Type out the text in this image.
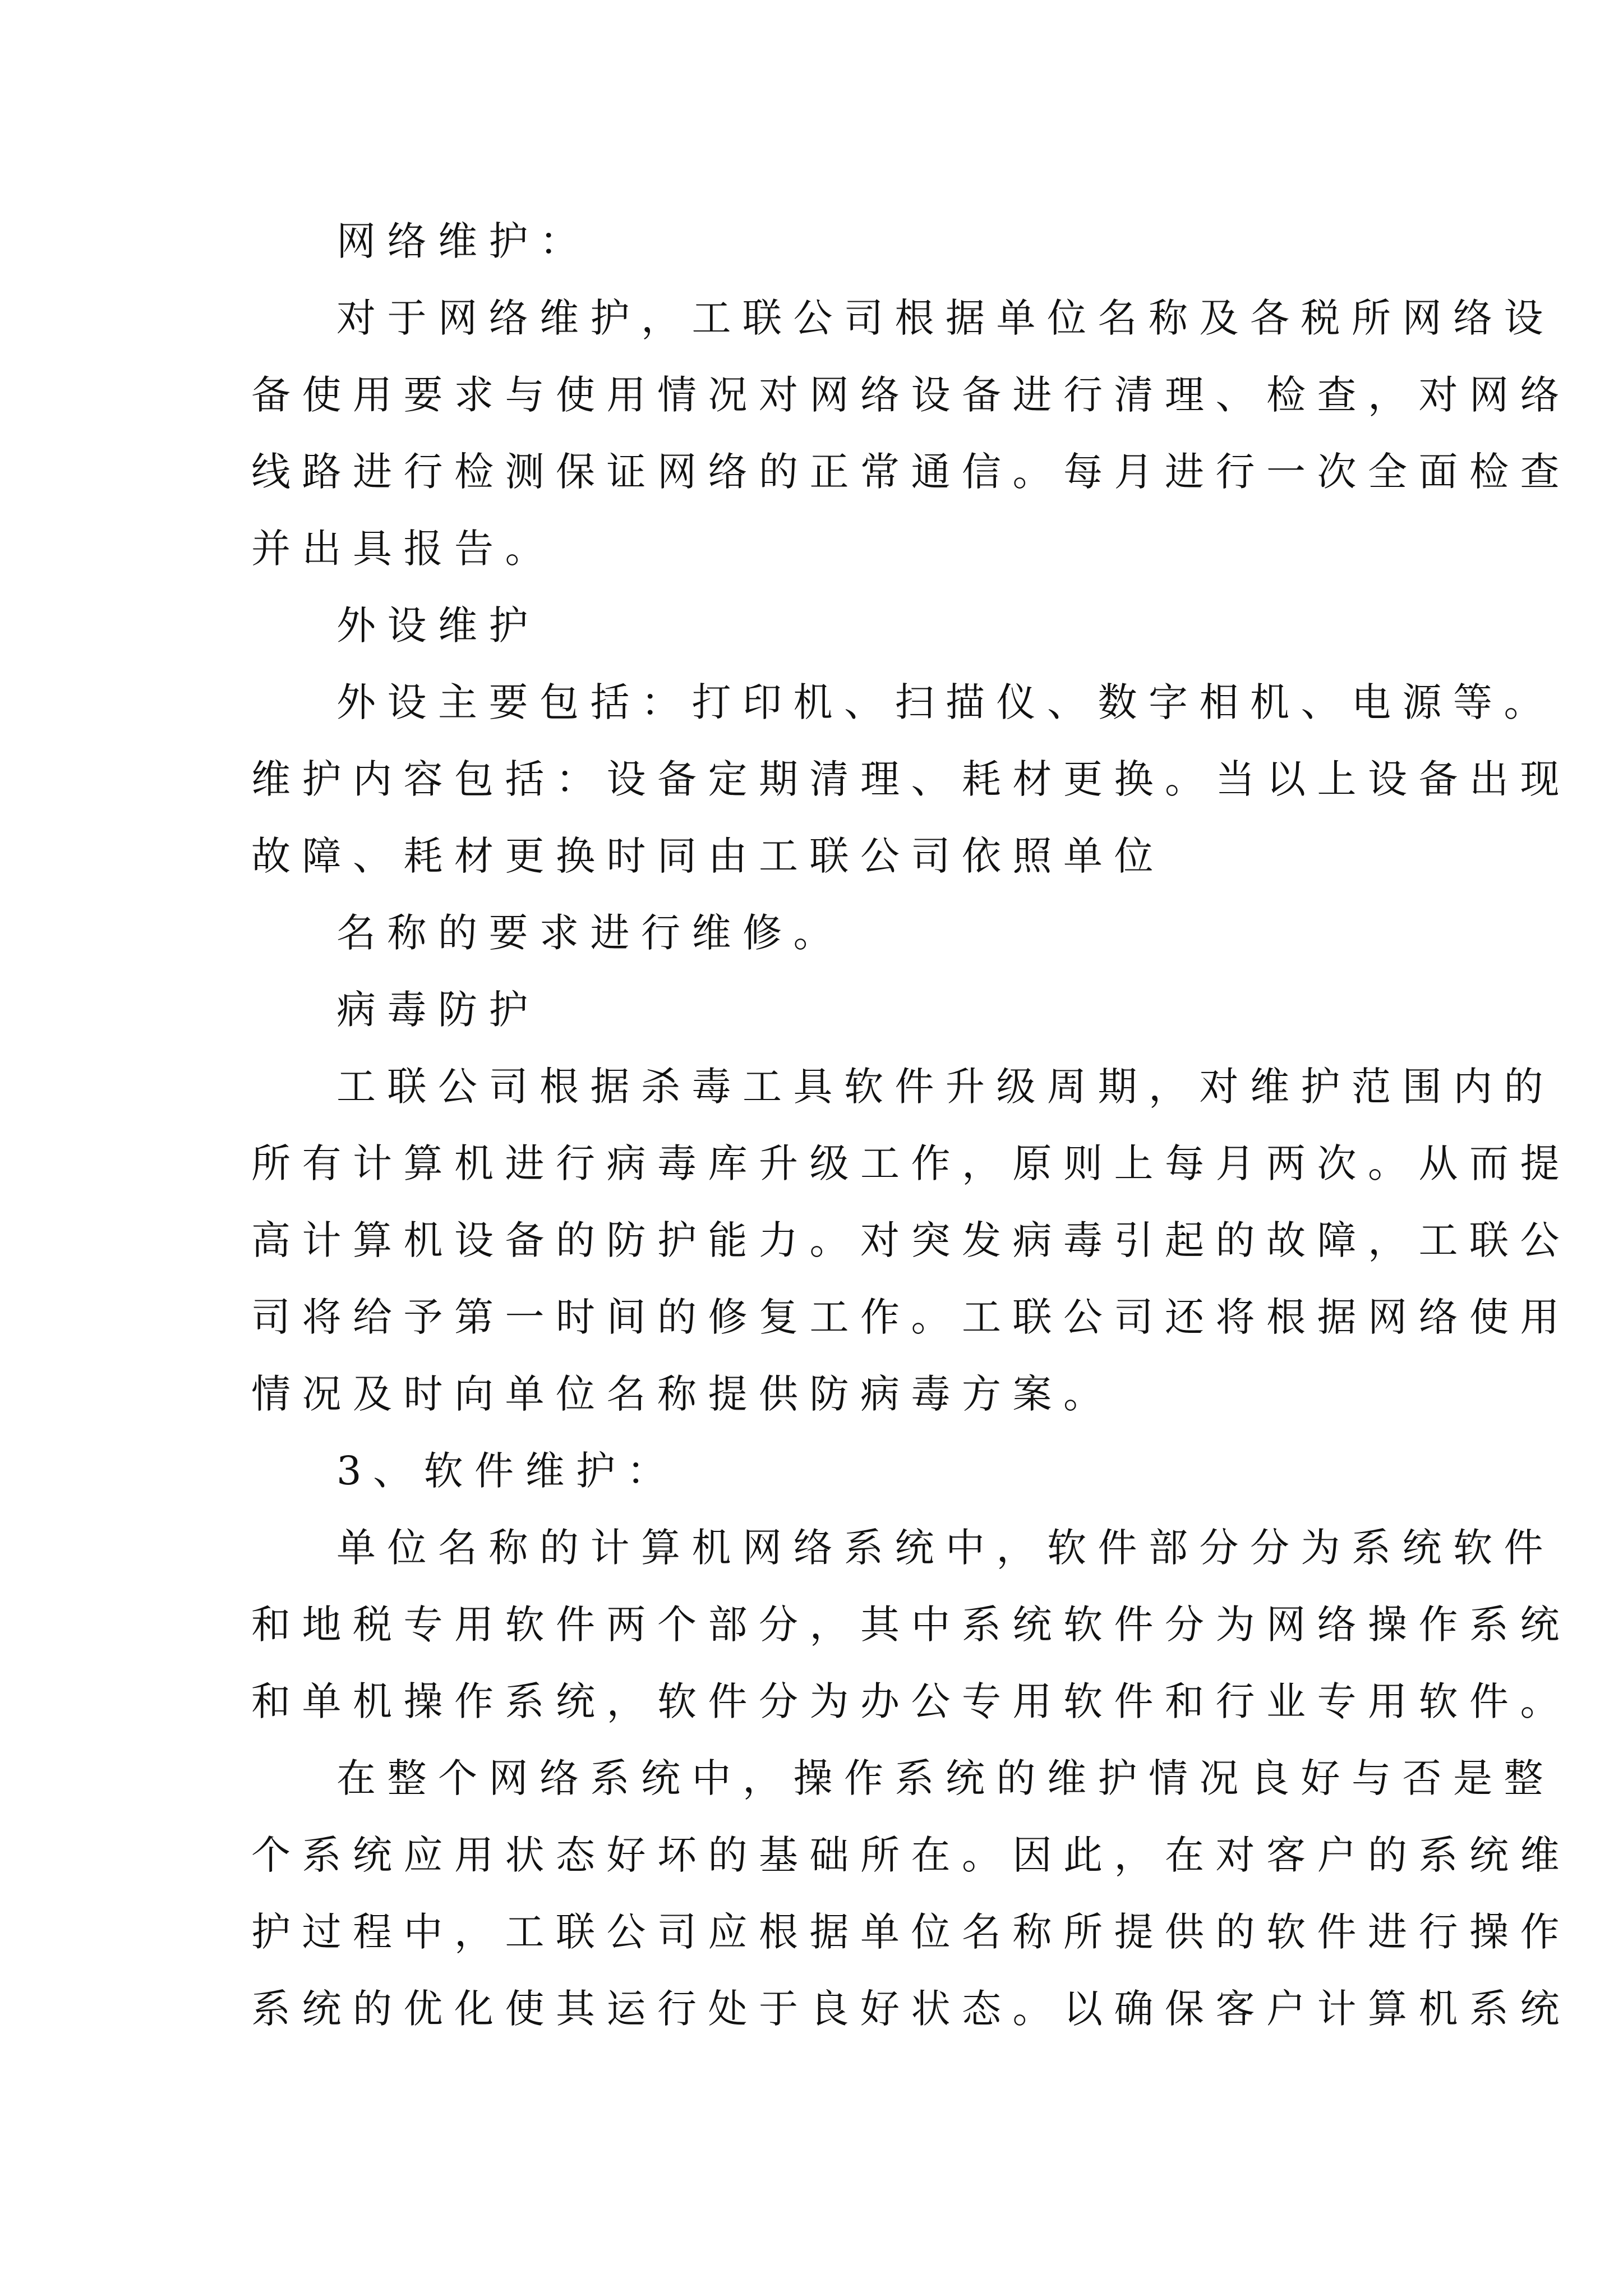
网络维护：
对于网络维护，工联公司根据单位名称及各税所网络设
备使用要求与使用情况对网络设备进行清理、检查，对网络
线路进行检测保证网络的正常通信。每月进行一次全面检查
并出具报告。
外设维护
外设主要包括：打印机、扫描仪、数字相机、电源等。
维护内容包括：设备定期清理、耗材更换。当以上设备出现
故障、耗材更换时同由工联公司依照单位
名称的要求进行维修。
病毒防护
工联公司根据杀毒工具软件升级周期，对维护范围内的
所有计算机进行病毒库升级工作，原则上每月两次。从而提
高计算机设备的防护能力。对突发病毒引起的故障，工联公
司将给予第一时间的修复工作。工联公司还将根据网络使用
情况及时向单位名称提供防病毒方案。
3、软件维护：
单位名称的计算机网络系统中，软件部分分为系统软件
和地税专用软件两个部分，其中系统软件分为网络操作系统
和单机操作系统，软件分为办公专用软件和行业专用软件。
在整个网络系统中，操作系统的维护情况良好与否是整
个系统应用状态好坏的基础所在。因此，在对客户的系统维
护过程中，工联公司应根据单位名称所提供的软件进行操作
系统的优化使其运行处于良好状态。以确保客户计算机系统
